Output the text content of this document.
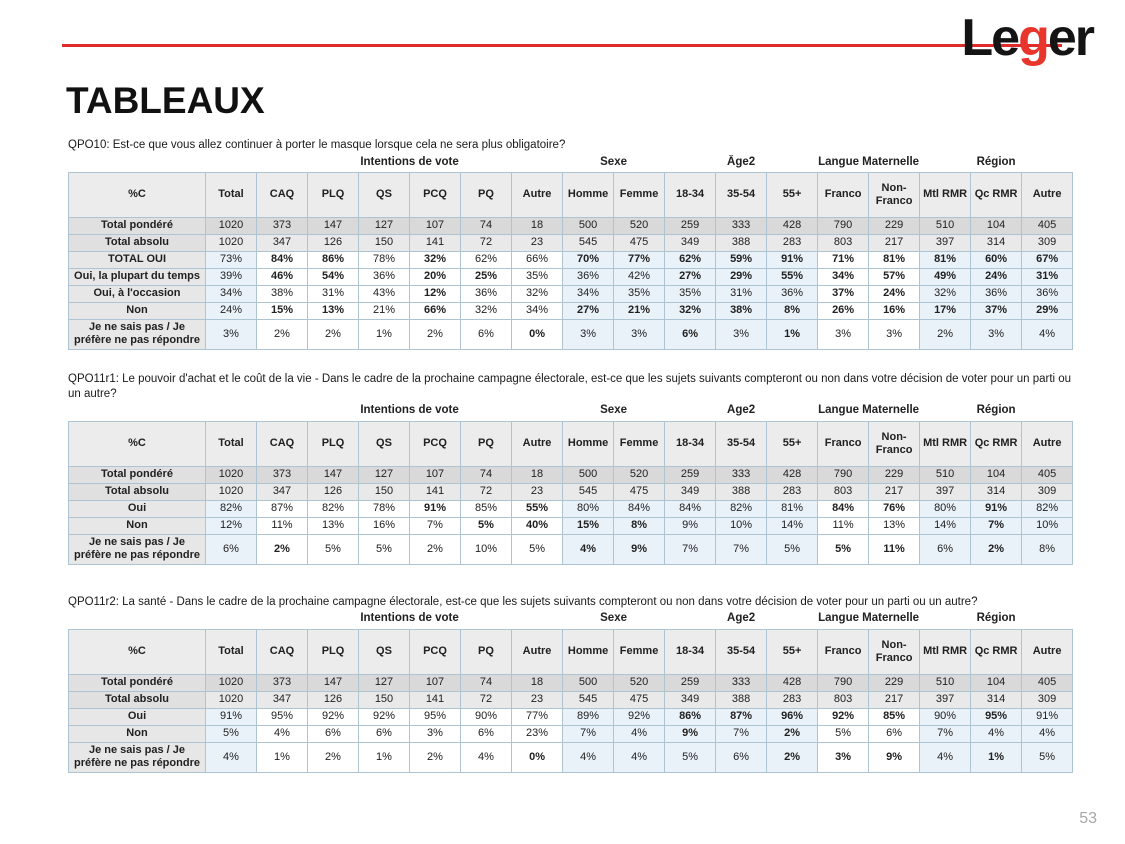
Leger
TABLEAUX

QPO10: Est-ce que vous allez continuer à porter le masque lorsque cela ne sera plus obligatoire?

		Intentions de vote						Sexe		Âge2			Langue Maternelle		Région		
%C	Total	CAQ	PLQ	QS	PCQ	PQ	Autre	Homme	Femme	18-34	35-54	55+	Franco	Non-Franco	Mtl RMR	Qc RMR	Autre
Total pondéré	1020	373	147	127	107	74	18	500	520	259	333	428	790	229	510	104	405
Total absolu	1020	347	126	150	141	72	23	545	475	349	388	283	803	217	397	314	309
TOTAL OUI	73%	84%	86%	78%	32%	62%	66%	70%	77%	62%	59%	91%	71%	81%	81%	60%	67%
Oui, la plupart du temps	39%	46%	54%	36%	20%	25%	35%	36%	42%	27%	29%	55%	34%	57%	49%	24%	31%
Oui, à l'occasion	34%	38%	31%	43%	12%	36%	32%	34%	35%	35%	31%	36%	37%	24%	32%	36%	36%
Non	24%	15%	13%	21%	66%	32%	34%	27%	21%	32%	38%	8%	26%	16%	17%	37%	29%
Je ne sais pas / Je préfère ne pas répondre	3%	2%	2%	1%	2%	6%	0%	3%	3%	6%	3%	1%	3%	3%	2%	3%	4%

QPO11r1: Le pouvoir d'achat et le coût de la vie - Dans le cadre de la prochaine campagne électorale, est-ce que les sujets suivants compteront ou non dans votre décision de voter pour un parti ou un autre?

		Intentions de vote						Sexe		Âge2			Langue Maternelle		Région		
%C	Total	CAQ	PLQ	QS	PCQ	PQ	Autre	Homme	Femme	18-34	35-54	55+	Franco	Non-Franco	Mtl RMR	Qc RMR	Autre
Total pondéré	1020	373	147	127	107	74	18	500	520	259	333	428	790	229	510	104	405
Total absolu	1020	347	126	150	141	72	23	545	475	349	388	283	803	217	397	314	309
Oui	82%	87%	82%	78%	91%	85%	55%	80%	84%	84%	82%	81%	84%	76%	80%	91%	82%
Non	12%	11%	13%	16%	7%	5%	40%	15%	8%	9%	10%	14%	11%	13%	14%	7%	10%
Je ne sais pas / Je préfère ne pas répondre	6%	2%	5%	5%	2%	10%	5%	4%	9%	7%	7%	5%	5%	11%	6%	2%	8%

QPO11r2: La santé - Dans le cadre de la prochaine campagne électorale, est-ce que les sujets suivants compteront ou non dans votre décision de voter pour un parti ou un autre?

		Intentions de vote						Sexe		Âge2			Langue Maternelle		Région		
%C	Total	CAQ	PLQ	QS	PCQ	PQ	Autre	Homme	Femme	18-34	35-54	55+	Franco	Non-Franco	Mtl RMR	Qc RMR	Autre
Total pondéré	1020	373	147	127	107	74	18	500	520	259	333	428	790	229	510	104	405
Total absolu	1020	347	126	150	141	72	23	545	475	349	388	283	803	217	397	314	309
Oui	91%	95%	92%	92%	95%	90%	77%	89%	92%	86%	87%	96%	92%	85%	90%	95%	91%
Non	5%	4%	6%	6%	3%	6%	23%	7%	4%	9%	7%	2%	5%	6%	7%	4%	4%
Je ne sais pas / Je préfère ne pas répondre	4%	1%	2%	1%	2%	4%	0%	4%	4%	5%	6%	2%	3%	9%	4%	1%	5%
53
